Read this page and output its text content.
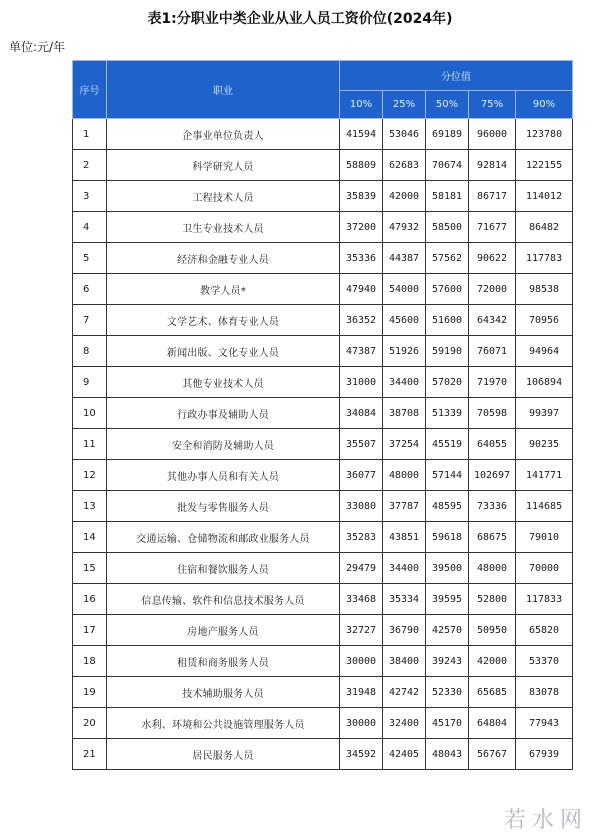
表1:分职业中类企业从业人员工资价位(2024年)
单位:元/年
序号	职业	分位值				
		10%	25%	50%	75%	90%
1	企事业单位负责人	41594	53046	69189	96000	123780
2	科学研究人员	58809	62683	70674	92814	122155
3	工程技术人员	35839	42000	58181	86717	114012
4	卫生专业技术人员	37200	47932	58500	71677	86482
5	经济和金融专业人员	35336	44387	57562	90622	117783
6	教学人员*	47940	54000	57600	72000	98538
7	文学艺术、体育专业人员	36352	45600	51600	64342	70956
8	新闻出版、文化专业人员	47387	51926	59190	76071	94964
9	其他专业技术人员	31000	34400	57020	71970	106894
10	行政办事及辅助人员	34084	38708	51339	70598	99397
11	安全和消防及辅助人员	35507	37254	45519	64055	90235
12	其他办事人员和有关人员	36077	48000	57144	102697	141771
13	批发与零售服务人员	33080	37787	48595	73336	114685
14	交通运输、仓储物流和邮政业服务人员	35283	43851	59618	68675	79010
15	住宿和餐饮服务人员	29479	34400	39500	48000	70000
16	信息传输、软件和信息技术服务人员	33468	35334	39595	52800	117833
17	房地产服务人员	32727	36790	42570	50950	65820
18	租赁和商务服务人员	30000	38400	39243	42000	53370
19	技术辅助服务人员	31948	42742	52330	65685	83078
20	水利、环境和公共设施管理服务人员	30000	32400	45170	64804	77943
21	居民服务人员	34592	42405	48043	56767	67939
若水网
